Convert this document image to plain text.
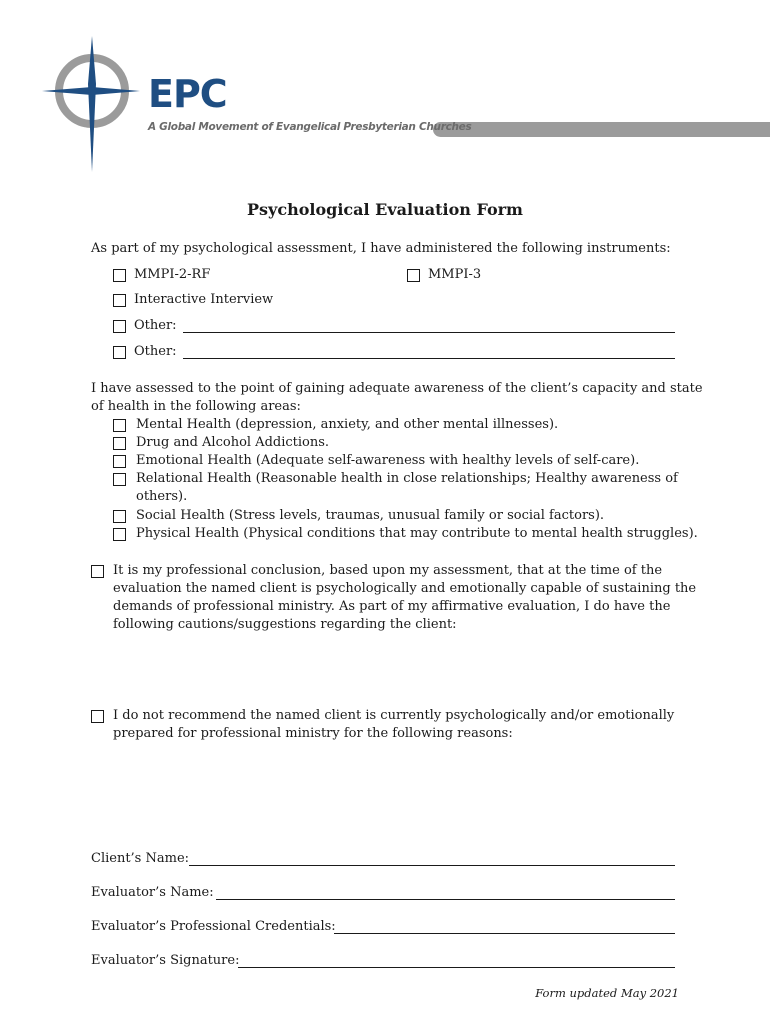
EPC
A Global Movement of Evangelical Presbyterian Churches
Psychological Evaluation Form
As part of my psychological assessment, I have administered the following instruments:
MMPI-2-RF	MMPI-3
Interactive Interview
Other:
Other:
I have assessed to the point of gaining adequate awareness of the client’s capacity and state
of health in the following areas:
Mental Health (depression, anxiety, and other mental illnesses).
Drug and Alcohol Addictions.
Emotional Health (Adequate self-awareness with healthy levels of self-care).
Relational Health (Reasonable health in close relationships; Healthy awareness of
others).
Social Health (Stress levels, traumas, unusual family or social factors).
Physical Health (Physical conditions that may contribute to mental health struggles).
It is my professional conclusion, based upon my assessment, that at the time of the
evaluation the named client is psychologically and emotionally capable of sustaining the
demands of professional ministry. As part of my affirmative evaluation, I do have the
following cautions/suggestions regarding the client:
I do not recommend the named client is currently psychologically and/or emotionally
prepared for professional ministry for the following reasons:
Client’s Name:
Evaluator’s Name:
Evaluator’s Professional Credentials:
Evaluator’s Signature:
Form updated May 2021
